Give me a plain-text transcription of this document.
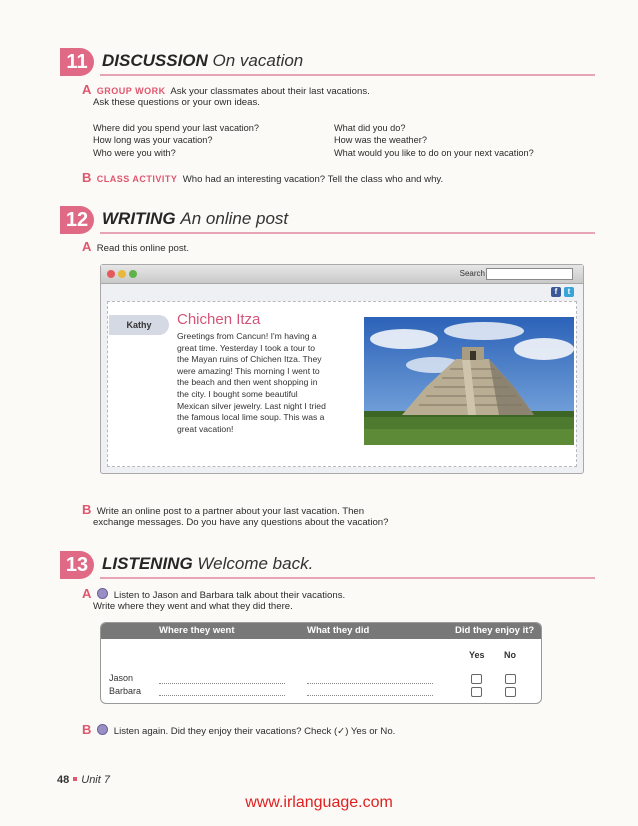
11 DISCUSSION On vacation
A GROUP WORK Ask your classmates about their last vacations.
Ask these questions or your own ideas.
Where did you spend your last vacation?
How long was your vacation?
Who were you with?
What did you do?
How was the weather?
What would you like to do on your next vacation?
B CLASS ACTIVITY Who had an interesting vacation? Tell the class who and why.
12 WRITING An online post
A Read this online post.
Search
f	t
Kathy	Chichen Itza
Greetings from Cancun! I'm having a
great time. Yesterday I took a tour to
the Mayan ruins of Chichen Itza. They
were amazing! This morning I went to
the beach and then went shopping in
the city. I bought some beautiful
Mexican silver jewelry. Last night I tried
the famous local lime soup. This was a
great vacation!
B Write an online post to a partner about your last vacation. Then
exchange messages. Do you have any questions about the vacation?
13 LISTENING Welcome back.
A Listen to Jason and Barbara talk about their vacations.
Write where they went and what they did there.
Where they went	What they did	Did they enjoy it?
Yes No
Jason
Barbara
B Listen again. Did they enjoy their vacations? Check (✓) Yes or No.
48 Unit 7
www.irlanguage.com
